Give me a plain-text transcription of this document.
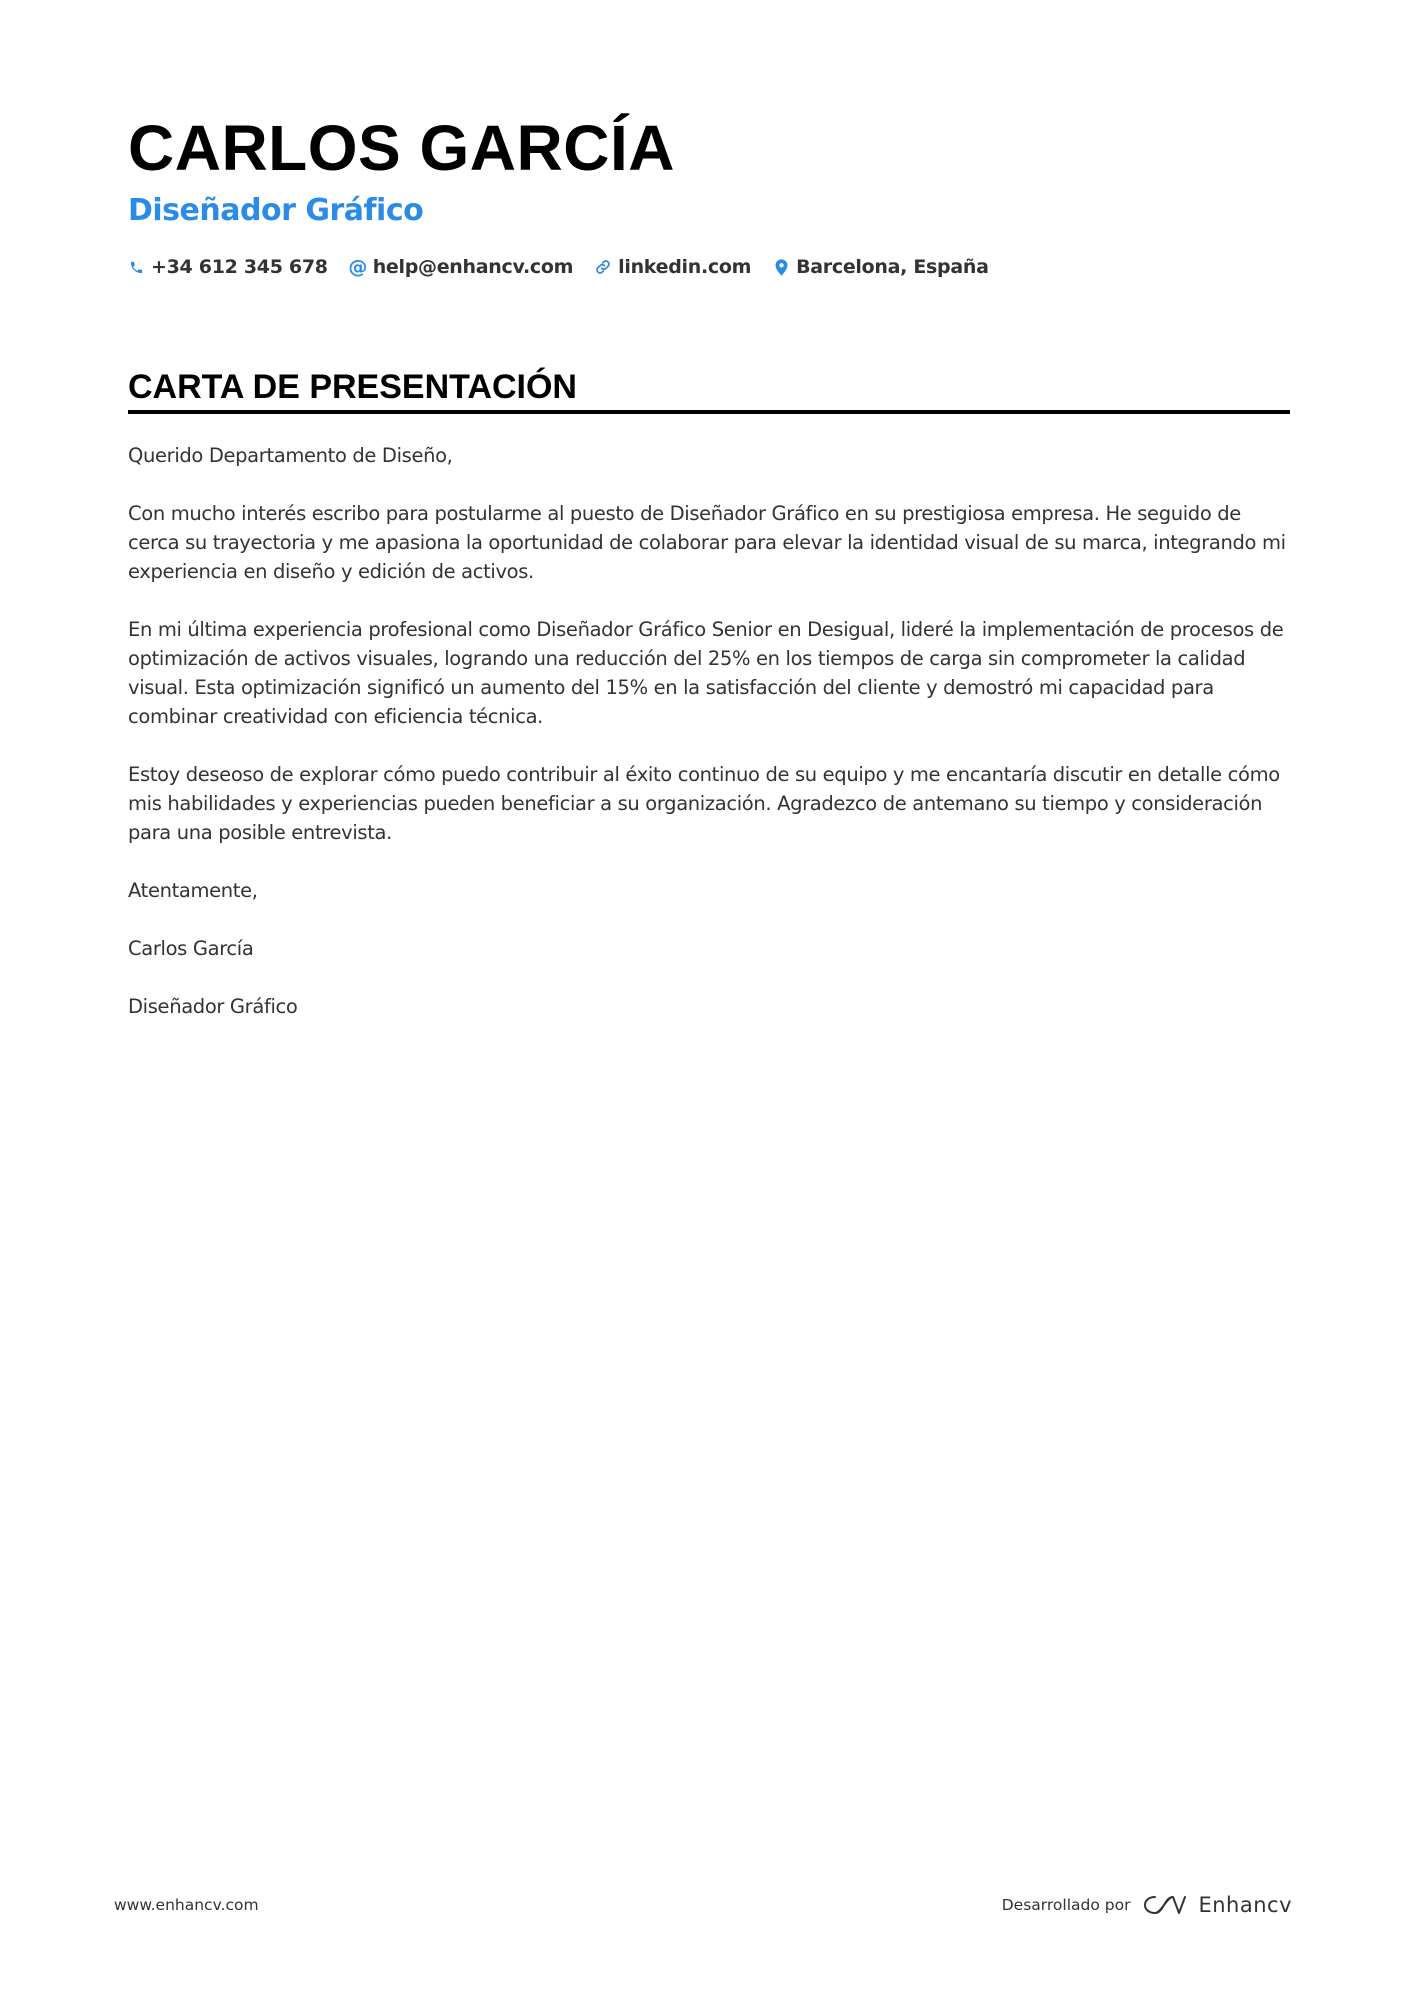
CARLOS GARCÍA
Diseñador Gráfico
+34 612 345 678 @ help@enhancv.com linkedin.com Barcelona, España
CARTA DE PRESENTACIÓN

Querido Departamento de Diseño,

Con mucho interés escribo para postularme al puesto de Diseñador Gráfico en su prestigiosa empresa. He seguido de cerca su trayectoria y me apasiona la oportunidad de colaborar para elevar la identidad visual de su marca, integrando mi experiencia en diseño y edición de activos.

En mi última experiencia profesional como Diseñador Gráfico Senior en Desigual, lideré la implementación de procesos de optimización de activos visuales, logrando una reducción del 25% en los tiempos de carga sin comprometer la calidad visual. Esta optimización significó un aumento del 15% en la satisfacción del cliente y demostró mi capacidad para combinar creatividad con eficiencia técnica.

Estoy deseoso de explorar cómo puedo contribuir al éxito continuo de su equipo y me encantaría discutir en detalle cómo mis habilidades y experiencias pueden beneficiar a su organización. Agradezco de antemano su tiempo y consideración para una posible entrevista.

Atentamente,

Carlos García

Diseñador Gráfico

www.enhancv.com	Desarrollado por	Enhancv
